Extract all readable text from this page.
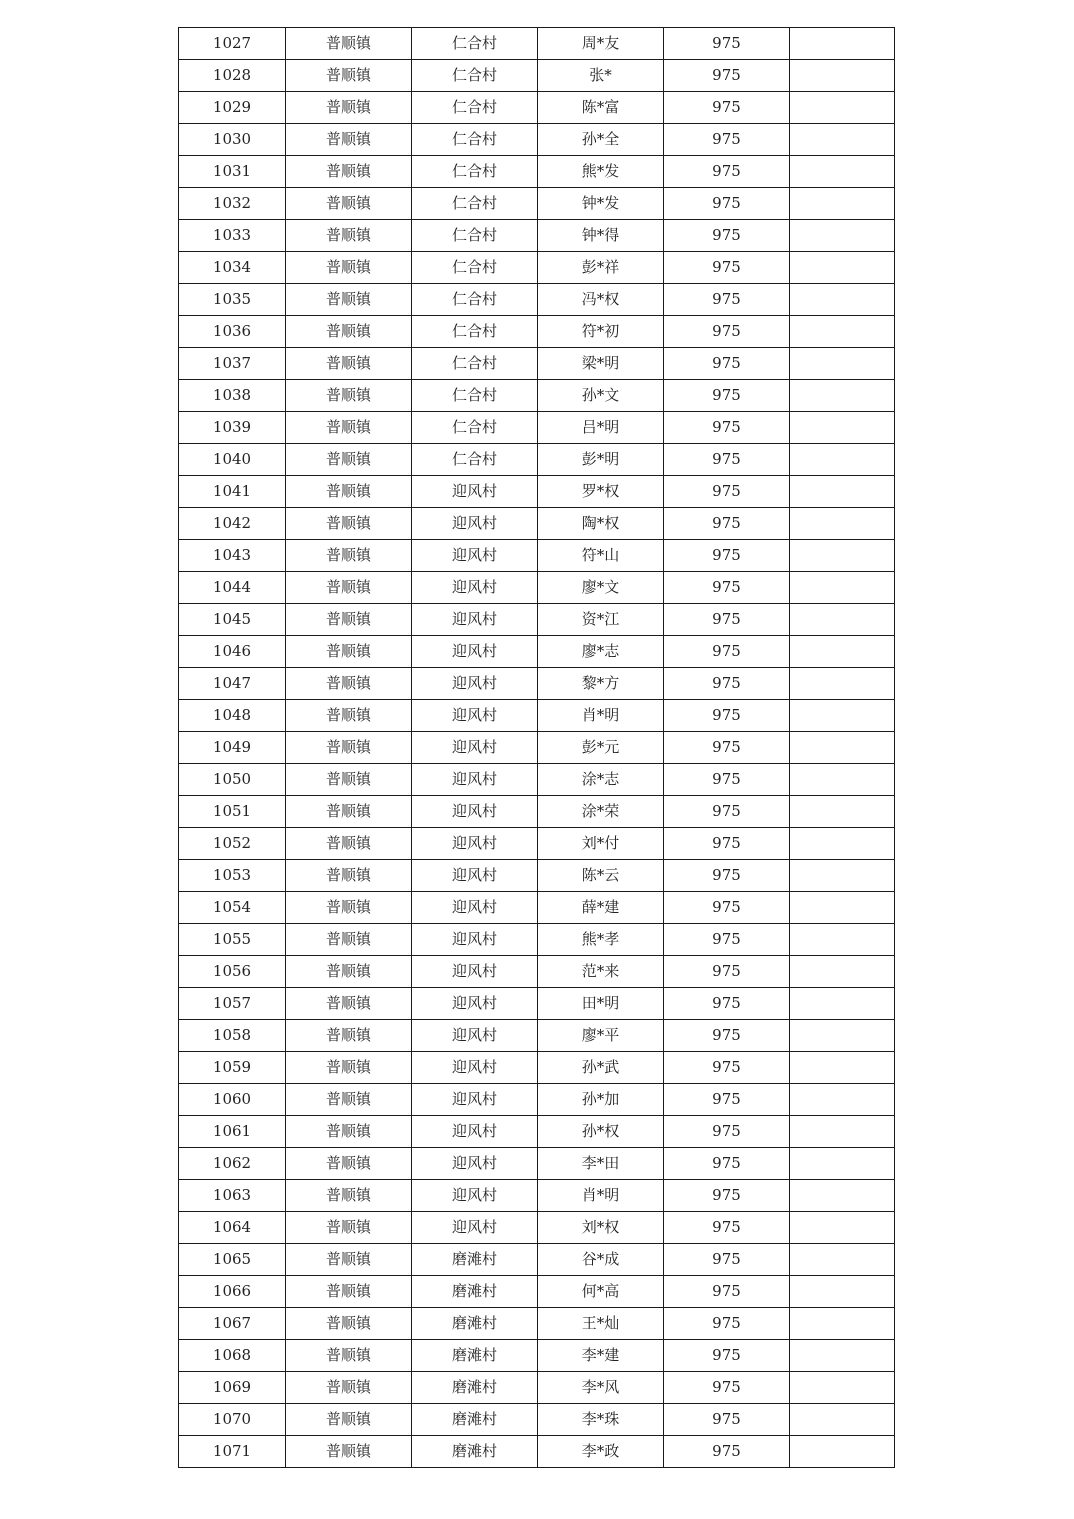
1027	普顺镇	仁合村	周*友	975	
1028	普顺镇	仁合村	张*	975	
1029	普顺镇	仁合村	陈*富	975	
1030	普顺镇	仁合村	孙*全	975	
1031	普顺镇	仁合村	熊*发	975	
1032	普顺镇	仁合村	钟*发	975	
1033	普顺镇	仁合村	钟*得	975	
1034	普顺镇	仁合村	彭*祥	975	
1035	普顺镇	仁合村	冯*权	975	
1036	普顺镇	仁合村	符*初	975	
1037	普顺镇	仁合村	梁*明	975	
1038	普顺镇	仁合村	孙*文	975	
1039	普顺镇	仁合村	吕*明	975	
1040	普顺镇	仁合村	彭*明	975	
1041	普顺镇	迎风村	罗*权	975	
1042	普顺镇	迎风村	陶*权	975	
1043	普顺镇	迎风村	符*山	975	
1044	普顺镇	迎风村	廖*文	975	
1045	普顺镇	迎风村	资*江	975	
1046	普顺镇	迎风村	廖*志	975	
1047	普顺镇	迎风村	黎*方	975	
1048	普顺镇	迎风村	肖*明	975	
1049	普顺镇	迎风村	彭*元	975	
1050	普顺镇	迎风村	涂*志	975	
1051	普顺镇	迎风村	涂*荣	975	
1052	普顺镇	迎风村	刘*付	975	
1053	普顺镇	迎风村	陈*云	975	
1054	普顺镇	迎风村	薛*建	975	
1055	普顺镇	迎风村	熊*孝	975	
1056	普顺镇	迎风村	范*来	975	
1057	普顺镇	迎风村	田*明	975	
1058	普顺镇	迎风村	廖*平	975	
1059	普顺镇	迎风村	孙*武	975	
1060	普顺镇	迎风村	孙*加	975	
1061	普顺镇	迎风村	孙*权	975	
1062	普顺镇	迎风村	李*田	975	
1063	普顺镇	迎风村	肖*明	975	
1064	普顺镇	迎风村	刘*权	975	
1065	普顺镇	磨滩村	谷*成	975	
1066	普顺镇	磨滩村	何*高	975	
1067	普顺镇	磨滩村	王*灿	975	
1068	普顺镇	磨滩村	李*建	975	
1069	普顺镇	磨滩村	李*风	975	
1070	普顺镇	磨滩村	李*珠	975	
1071	普顺镇	磨滩村	李*政	975	
